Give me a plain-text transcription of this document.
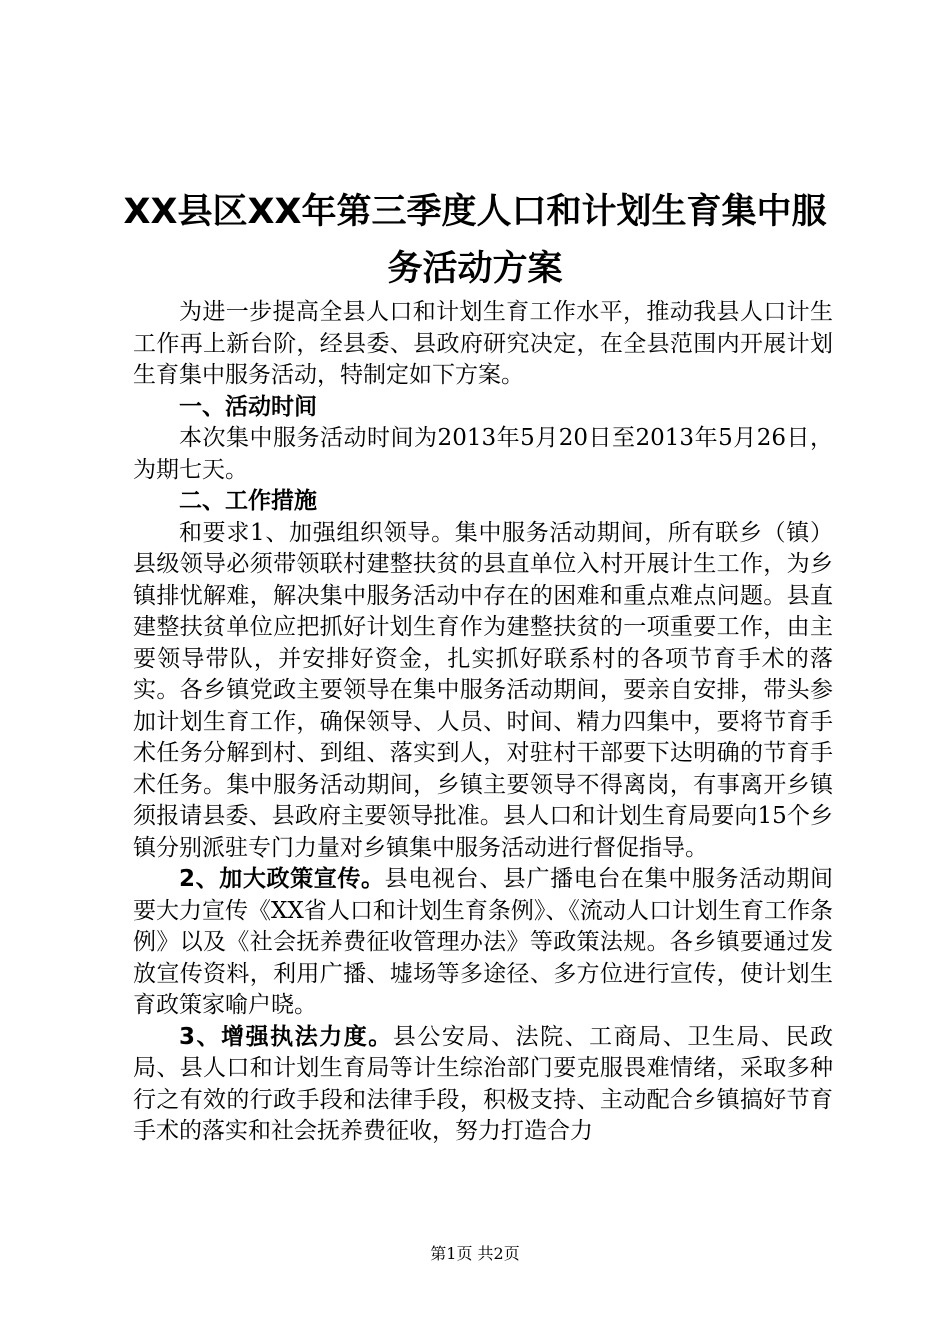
XX县区XX年第三季度人口和计划生育集中服
务活动方案

为进一步提高全县人口和计划生育工作水平，推动我县人口计生工作再上新台阶，经县委、县政府研究决定，在全县范围内开展计划生育集中服务活动，特制定如下方案。

一、活动时间

本次集中服务活动时间为2013年5月20日至2013年5月26日，为期七天。

二、工作措施

和要求1、加强组织领导。集中服务活动期间，所有联乡（镇）县级领导必须带领联村建整扶贫的县直单位入村开展计生工作，为乡镇排忧解难，解决集中服务活动中存在的困难和重点难点问题。县直建整扶贫单位应把抓好计划生育作为建整扶贫的一项重要工作，由主要领导带队，并安排好资金，扎实抓好联系村的各项节育手术的落实。各乡镇党政主要领导在集中服务活动期间，要亲自安排，带头参加计划生育工作，确保领导、人员、时间、精力四集中，要将节育手术任务分解到村、到组、落实到人，对驻村干部要下达明确的节育手术任务。集中服务活动期间，乡镇主要领导不得离岗，有事离开乡镇须报请县委、县政府主要领导批准。县人口和计划生育局要向15个乡镇分别派驻专门力量对乡镇集中服务活动进行督促指导。

2、加大政策宣传。县电视台、县广播电台在集中服务活动期间要大力宣传《XX省人口和计划生育条例》、《流动人口计划生育工作条例》以及《社会抚养费征收管理办法》等政策法规。各乡镇要通过发放宣传资料，利用广播、墟场等多途径、多方位进行宣传，使计划生育政策家喻户晓。

3、增强执法力度。县公安局、法院、工商局、卫生局、民政局、县人口和计划生育局等计生综治部门要克服畏难情绪，采取多种行之有效的行政手段和法律手段，积极支持、主动配合乡镇搞好节育手术的落实和社会抚养费征收，努力打造合力

第1页 共2页
